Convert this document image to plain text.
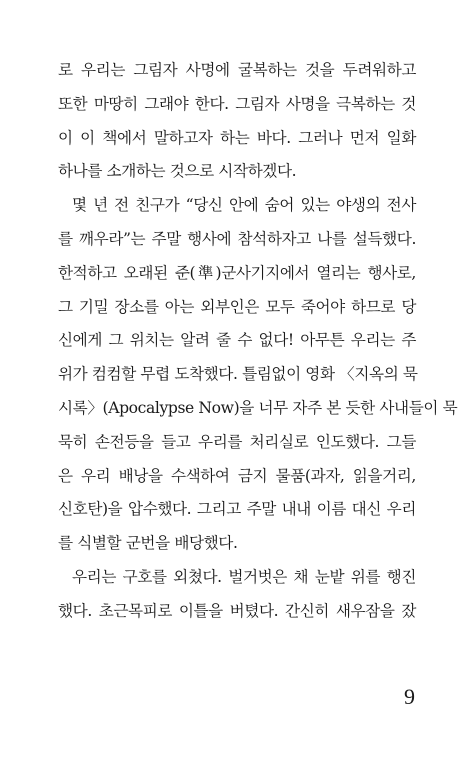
로 우리는 그림자 사명에 굴복하는 것을 두려워하고
또한 마땅히 그래야 한다. 그림자 사명을 극복하는 것
이 이 책에서 말하고자 하는 바다. 그러나 먼저 일화
하나를 소개하는 것으로 시작하겠다.
몇 년 전 친구가 “당신 안에 숨어 있는 야생의 전사
를 깨우라”는 주말 행사에 참석하자고 나를 설득했다.
한적하고 오래된 준(準)군사기지에서 열리는 행사로,
그 기밀 장소를 아는 외부인은 모두 죽어야 하므로 당
신에게 그 위치는 알려 줄 수 없다! 아무튼 우리는 주
위가 컴컴할 무렵 도착했다. 틀림없이 영화 〈지옥의 묵
시록〉(Apocalypse Now)을 너무 자주 본 듯한 사내들이 묵
묵히 손전등을 들고 우리를 처리실로 인도했다. 그들
은 우리 배낭을 수색하여 금지 물품(과자, 읽을거리,
신호탄)을 압수했다. 그리고 주말 내내 이름 대신 우리
를 식별할 군번을 배당했다.
우리는 구호를 외쳤다. 벌거벗은 채 눈밭 위를 행진
했다. 초근목피로 이틀을 버텼다. 간신히 새우잠을 잤
9
